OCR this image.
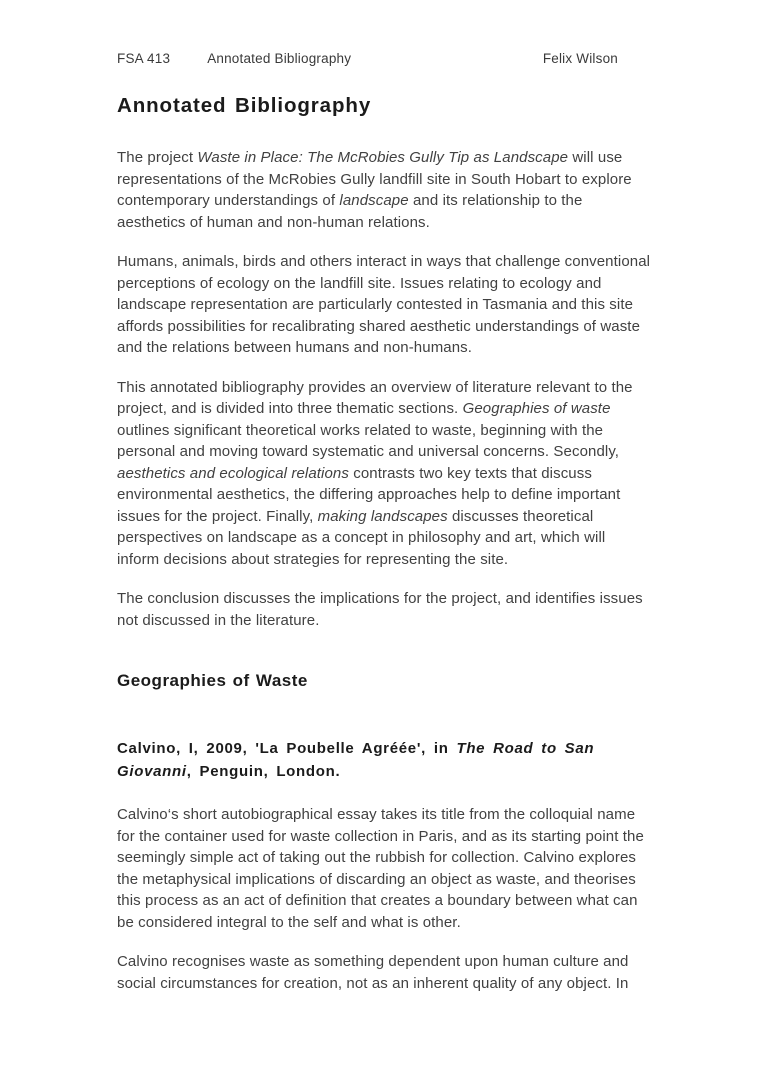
FSA 413	Annotated Bibliography	Felix Wilson
Annotated Bibliography

The project Waste in Place: The McRobies Gully Tip as Landscape will use representations of the McRobies Gully landfill site in South Hobart to explore contemporary understandings of landscape and its relationship to the aesthetics of human and non-human relations.

Humans, animals, birds and others interact in ways that challenge conventional perceptions of ecology on the landfill site. Issues relating to ecology and landscape representation are particularly contested in Tasmania and this site affords possibilities for recalibrating shared aesthetic understandings of waste and the relations between humans and non-humans.

This annotated bibliography provides an overview of literature relevant to the project, and is divided into three thematic sections. Geographies of waste outlines significant theoretical works related to waste, beginning with the personal and moving toward systematic and universal concerns. Secondly, aesthetics and ecological relations contrasts two key texts that discuss environmental aesthetics, the differing approaches help to define important issues for the project. Finally, making landscapes discusses theoretical perspectives on landscape as a concept in philosophy and art, which will inform decisions about strategies for representing the site.

The conclusion discusses the implications for the project, and identifies issues not discussed in the literature.

Geographies of Waste

Calvino, I, 2009, 'La Poubelle Agréée', in The Road to San Giovanni, Penguin, London.

Calvino‘s short autobiographical essay takes its title from the colloquial name for the container used for waste collection in Paris, and as its starting point the seemingly simple act of taking out the rubbish for collection. Calvino explores the metaphysical implications of discarding an object as waste, and theorises this process as an act of definition that creates a boundary between what can be considered integral to the self and what is other.

Calvino recognises waste as something dependent upon human culture and social circumstances for creation, not as an inherent quality of any object. In
